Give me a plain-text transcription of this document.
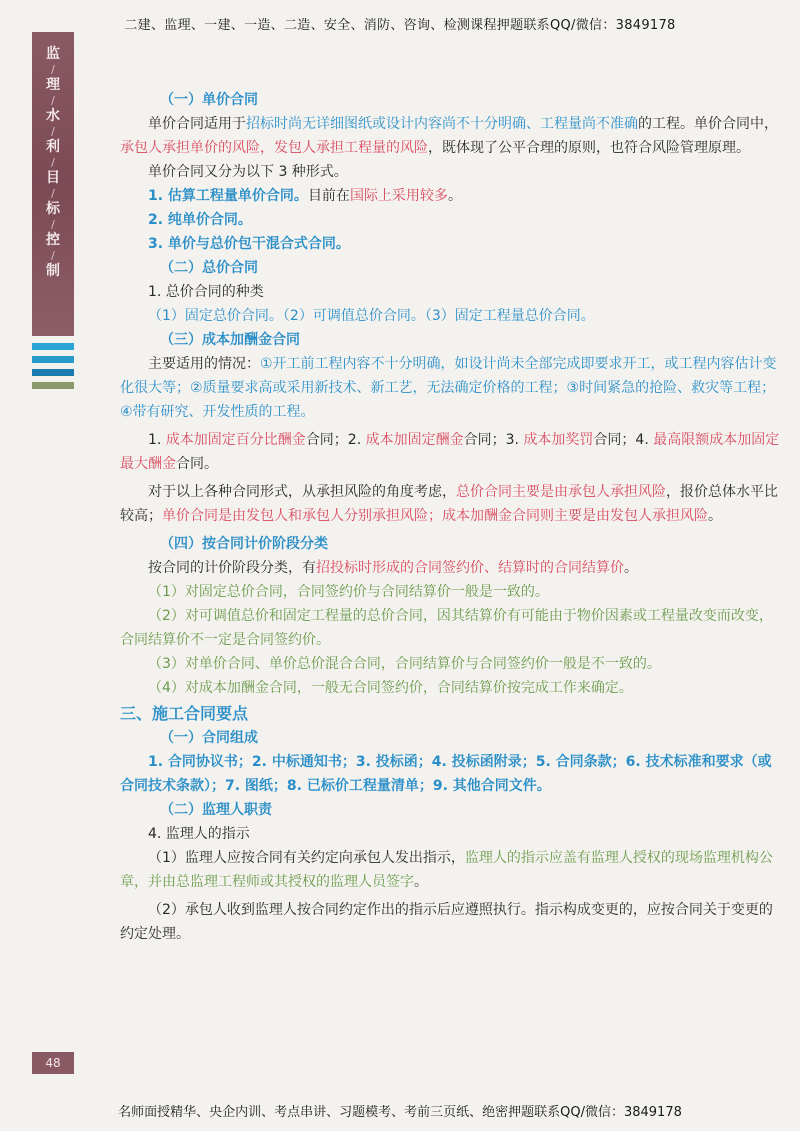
二建、监理、一建、一造、二造、安全、消防、咨询、检测课程押题联系QQ/微信：3849178
监
/
理
/
水
/
利
/
目
/
标
/
控
/
制
（一）单价合同
单价合同适用于招标时尚无详细图纸或设计内容尚不十分明确、工程量尚不准确的工程。单价合同中，承包人承担单价的风险，发包人承担工程量的风险，既体现了公平合理的原则，也符合风险管理原理。
单价合同又分为以下 3 种形式。
1. 估算工程量单价合同。目前在国际上采用较多。
2. 纯单价合同。
3. 单价与总价包干混合式合同。
（二）总价合同
1. 总价合同的种类
（1）固定总价合同。（2）可调值总价合同。（3）固定工程量总价合同。
（三）成本加酬金合同
主要适用的情况：①开工前工程内容不十分明确，如设计尚未全部完成即要求开工，或工程内容估计变化很大等；②质量要求高或采用新技术、新工艺，无法确定价格的工程；③时间紧急的抢险、救灾等工程；④带有研究、开发性质的工程。
1. 成本加固定百分比酬金合同；2. 成本加固定酬金合同；3. 成本加奖罚合同；4. 最高限额成本加固定最大酬金合同。
对于以上各种合同形式，从承担风险的角度考虑，总价合同主要是由承包人承担风险，报价总体水平比较高；单价合同是由发包人和承包人分别承担风险；成本加酬金合同则主要是由发包人承担风险。
（四）按合同计价阶段分类
按合同的计价阶段分类，有招投标时形成的合同签约价、结算时的合同结算价。
（1）对固定总价合同，合同签约价与合同结算价一般是一致的。
（2）对可调值总价和固定工程量的总价合同，因其结算价有可能由于物价因素或工程量改变而改变，合同结算价不一定是合同签约价。
（3）对单价合同、单价总价混合合同，合同结算价与合同签约价一般是不一致的。
（4）对成本加酬金合同，一般无合同签约价，合同结算价按完成工作来确定。
三、施工合同要点
（一）合同组成
1. 合同协议书；2. 中标通知书；3. 投标函；4. 投标函附录；5. 合同条款；6. 技术标准和要求（或合同技术条款）；7. 图纸；8. 已标价工程量清单；9. 其他合同文件。
（二）监理人职责
4. 监理人的指示
（1）监理人应按合同有关约定向承包人发出指示，监理人的指示应盖有监理人授权的现场监理机构公章，并由总监理工程师或其授权的监理人员签字。
（2）承包人收到监理人按合同约定作出的指示后应遵照执行。指示构成变更的，应按合同关于变更的约定处理。
48
名师面授精华、央企内训、考点串讲、习题模考、考前三页纸、绝密押题联系QQ/微信：3849178
